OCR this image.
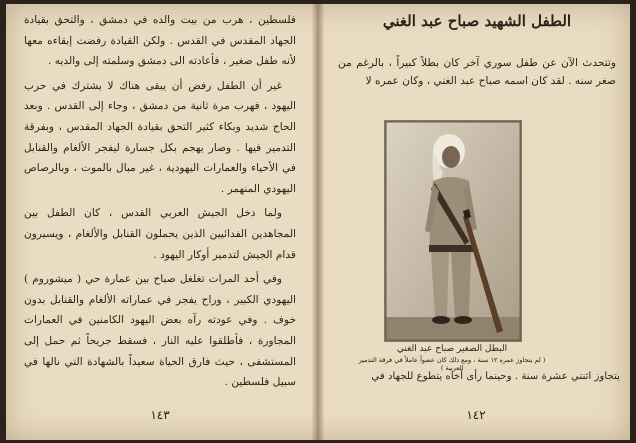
فلسطين ، هرب من بيت والده في دمشق ، والتحق بقيادة الجهاد المقدس في القدس . ولكن القيادة رفضت إبقاءه معها لأنه طفل صغير ، فأعادته الى دمشق وسلمته إلى والديه .

غير أن الطفل رفض أن يبقى هناك لا يشترك في حرب اليهود ، فهرب مرة ثانية من دمشق ، وجاء إلى القدس . وبعد الحاح شديد وبكاء كثير التحق بقيادة الجهاد المقدس ، وبفرقة التدمير فيها . وصار يهجم بكل جسارة ليفجر الألغام والقنابل في الأحياء والعمارات اليهودية ، غير مبال بالموت ، وبالرصاص اليهودي المنهمر .

ولما دخل الجيش العربي القدس ، كان الطفل بين المجاهدين الفدائيين الذين يحملون القنابل والألغام ، ويسيرون قدام الجيش لتدمير أوكار اليهود .

وفي أحد المرات تغلغل صباح بين عمارة حي ( ميشوروم ) اليهودي الكبير ، وراح يفجر في عماراته الألغام والقنابل بدون خوف . وفي عودته رآه بعض اليهود الكامنين في العمارات المجاورة ، فأطلقوا عليه النار ، فسقط جريحاً ثم حمل إلى المستشفى ، حيث فارق الحياة سعيداً بالشهادة التي نالها في سبيل فلسطين .

١٤٣
الطفل الشهيد صباح عبد الغني
وتتحدث الآن عن طفل سوري آخر كان بطلاً كبيراً ، بالرغم من صغر سنه . لقد كان اسمه صباح عبد الغني ، وكان عمره لا
البطل الصغير صباح عبد الغني
( لم يتجاوز عمره ١٢ سنة ، ومع ذلك كان عضواً عاملاً في فرقة التدمير العربية )
يتجاوز اثنتي عشرة سنة . وحينما رأى أخاه يتطوع للجهاد في
١٤٢
